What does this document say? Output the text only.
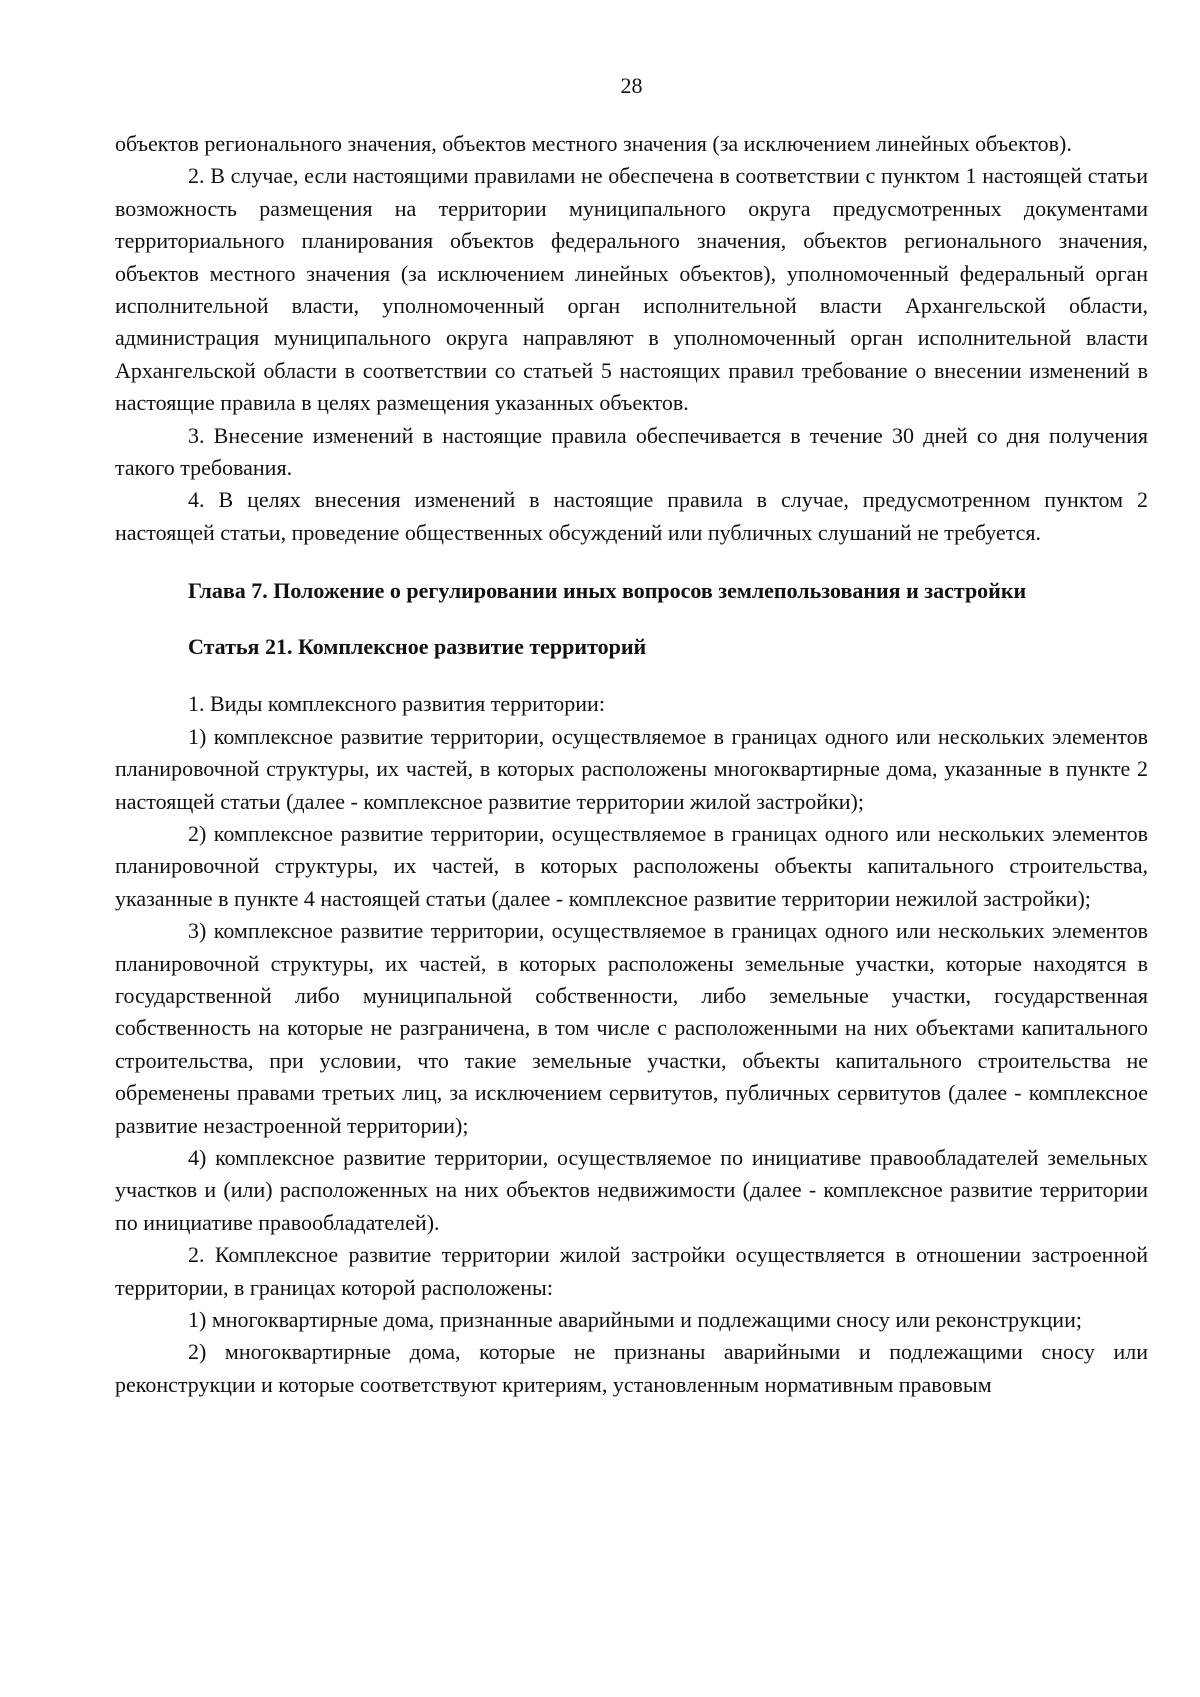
28

объектов регионального значения, объектов местного значения (за исключением линейных объектов).

2. В случае, если настоящими правилами не обеспечена в соответствии с пунктом 1 настоящей статьи возможность размещения на территории муниципального округа предусмотренных документами территориального планирования объектов федерального значения, объектов регионального значения, объектов местного значения (за исключением линейных объектов), уполномоченный федеральный орган исполнительной власти, уполномоченный орган исполнительной власти Архангельской области, администрация муниципального округа направляют в уполномоченный орган исполнительной власти Архангельской области в соответствии со статьей 5 настоящих правил требование о внесении изменений в настоящие правила в целях размещения указанных объектов.

3. Внесение изменений в настоящие правила обеспечивается в течение 30 дней со дня получения такого требования.

4. В целях внесения изменений в настоящие правила в случае, предусмотренном пунктом 2 настоящей статьи, проведение общественных обсуждений или публичных слушаний не требуется.

Глава 7. Положение о регулировании иных вопросов землепользования и застройки
Статья 21. Комплексное развитие территорий

1. Виды комплексного развития территории:

1) комплексное развитие территории, осуществляемое в границах одного или нескольких элементов планировочной структуры, их частей, в которых расположены многоквартирные дома, указанные в пункте 2 настоящей статьи (далее - комплексное развитие территории жилой застройки);

2) комплексное развитие территории, осуществляемое в границах одного или нескольких элементов планировочной структуры, их частей, в которых расположены объекты капитального строительства, указанные в пункте 4 настоящей статьи (далее - комплексное развитие территории нежилой застройки);

3) комплексное развитие территории, осуществляемое в границах одного или нескольких элементов планировочной структуры, их частей, в которых расположены земельные участки, которые находятся в государственной либо муниципальной собственности, либо земельные участки, государственная собственность на которые не разграничена, в том числе с расположенными на них объектами капитального строительства, при условии, что такие земельные участки, объекты капитального строительства не обременены правами третьих лиц, за исключением сервитутов, публичных сервитутов (далее - комплексное развитие незастроенной территории);

4) комплексное развитие территории, осуществляемое по инициативе правообладателей земельных участков и (или) расположенных на них объектов недвижимости (далее - комплексное развитие территории по инициативе правообладателей).

2. Комплексное развитие территории жилой застройки осуществляется в отношении застроенной территории, в границах которой расположены:

1) многоквартирные дома, признанные аварийными и подлежащими сносу или реконструкции;

2) многоквартирные дома, которые не признаны аварийными и подлежащими сносу или реконструкции и которые соответствуют критериям, установленным нормативным правовым
